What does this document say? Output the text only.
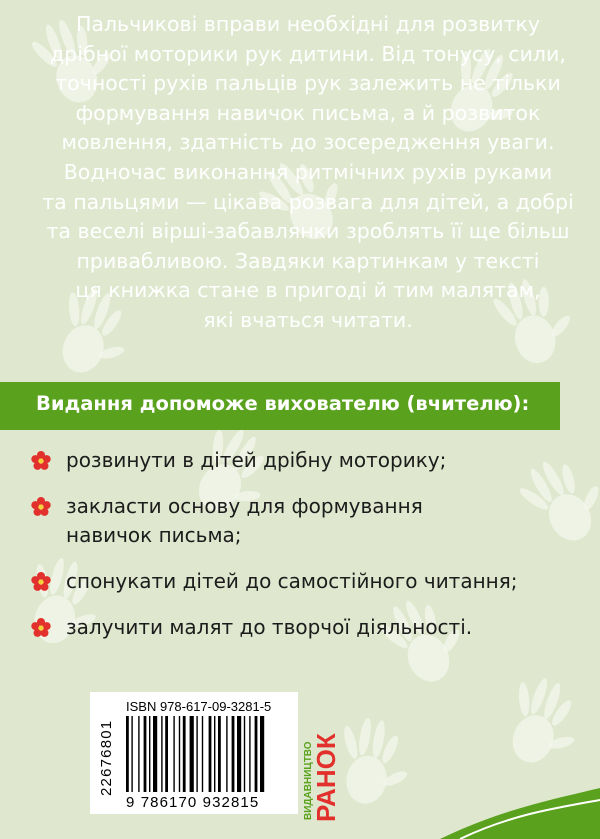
Пальчикові вправи необхідні для розвитку
дрібної моторики рук дитини. Від тонусу, сили,
точності рухів пальців рук залежить не тільки
формування навичок письма, а й розвиток
мовлення, здатність до зосередження уваги.
Водночас виконання ритмічних рухів руками
та пальцями — цікава розвага для дітей, а добрі
та веселі вірші-забавлянки зроблять її ще більш
привабливою. Завдяки картинкам у тексті
ця книжка стане в пригоді й тим малятам,
які вчаться читати.
Видання допоможе вихователю (вчителю):
розвинути в дітей дрібну моторику;
закласти основу для формування
навичок письма;
спонукати дітей до самостійного читання;
залучити малят до творчої діяльності.
22676801
ISBN 978-617-09-3281-5
9 786170 932815	ВИДАВНИЦТВО
РАНОК
